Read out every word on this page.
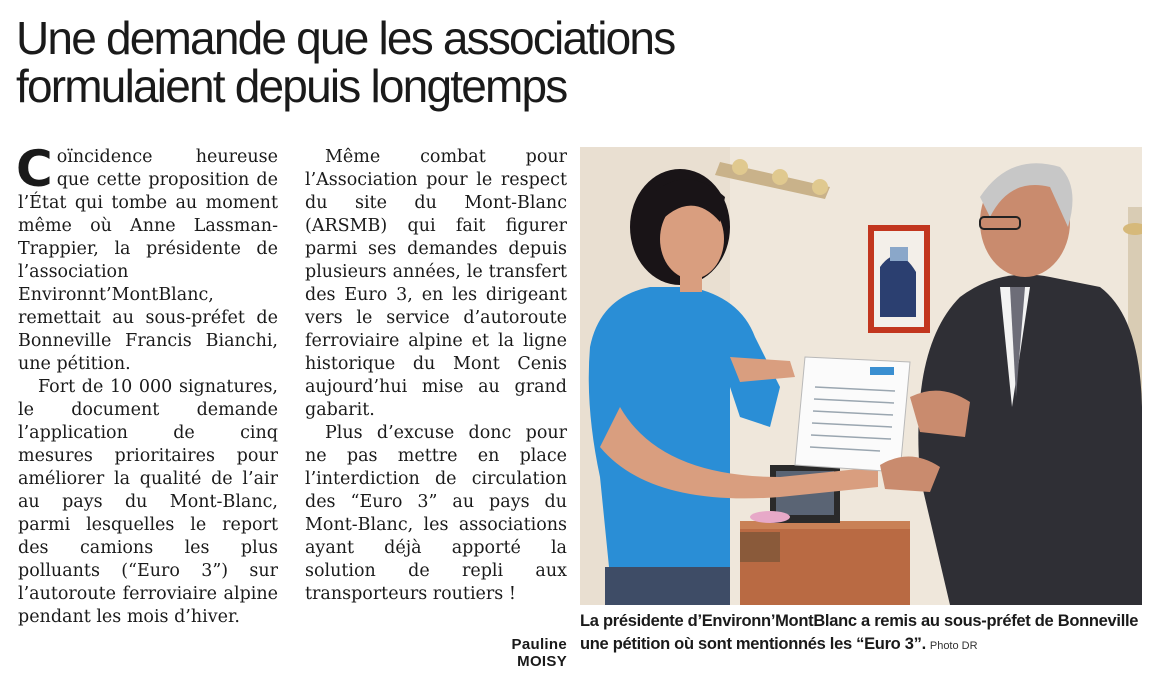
Une demande que les associations
formulaient depuis longtemps

Coïncidence heureuse que cette proposition de l’État qui tombe au moment même où Anne Lassman-Trappier, la présidente de l’association Environnt’MontBlanc, remettait au sous-préfet de Bonneville Francis Bianchi, une pétition.

Fort de 10 000 signatures, le document demande l’application de cinq mesures prioritaires pour améliorer la qualité de l’air au pays du Mont-Blanc, parmi lesquelles le report des camions les plus polluants (“Euro 3”) sur l’autoroute ferroviaire alpine pendant les mois d’hiver.

Même combat pour l’Association pour le respect du site du Mont-Blanc (ARSMB) qui fait figurer parmi ses demandes depuis plusieurs années, le transfert des Euro 3, en les dirigeant vers le service d’autoroute ferroviaire alpine et la ligne historique du Mont Cenis aujourd’hui mise au grand gabarit.

Plus d’excuse donc pour ne pas mettre en place l’interdiction de circulation des “Euro 3” au pays du Mont-Blanc, les associations ayant déjà apporté la solution de repli aux transporteurs routiers !

Pauline MOISY
La présidente d’Environn’MontBlanc a remis au sous-préfet de Bonneville une pétition où sont mentionnés les “Euro 3”. Photo DR
